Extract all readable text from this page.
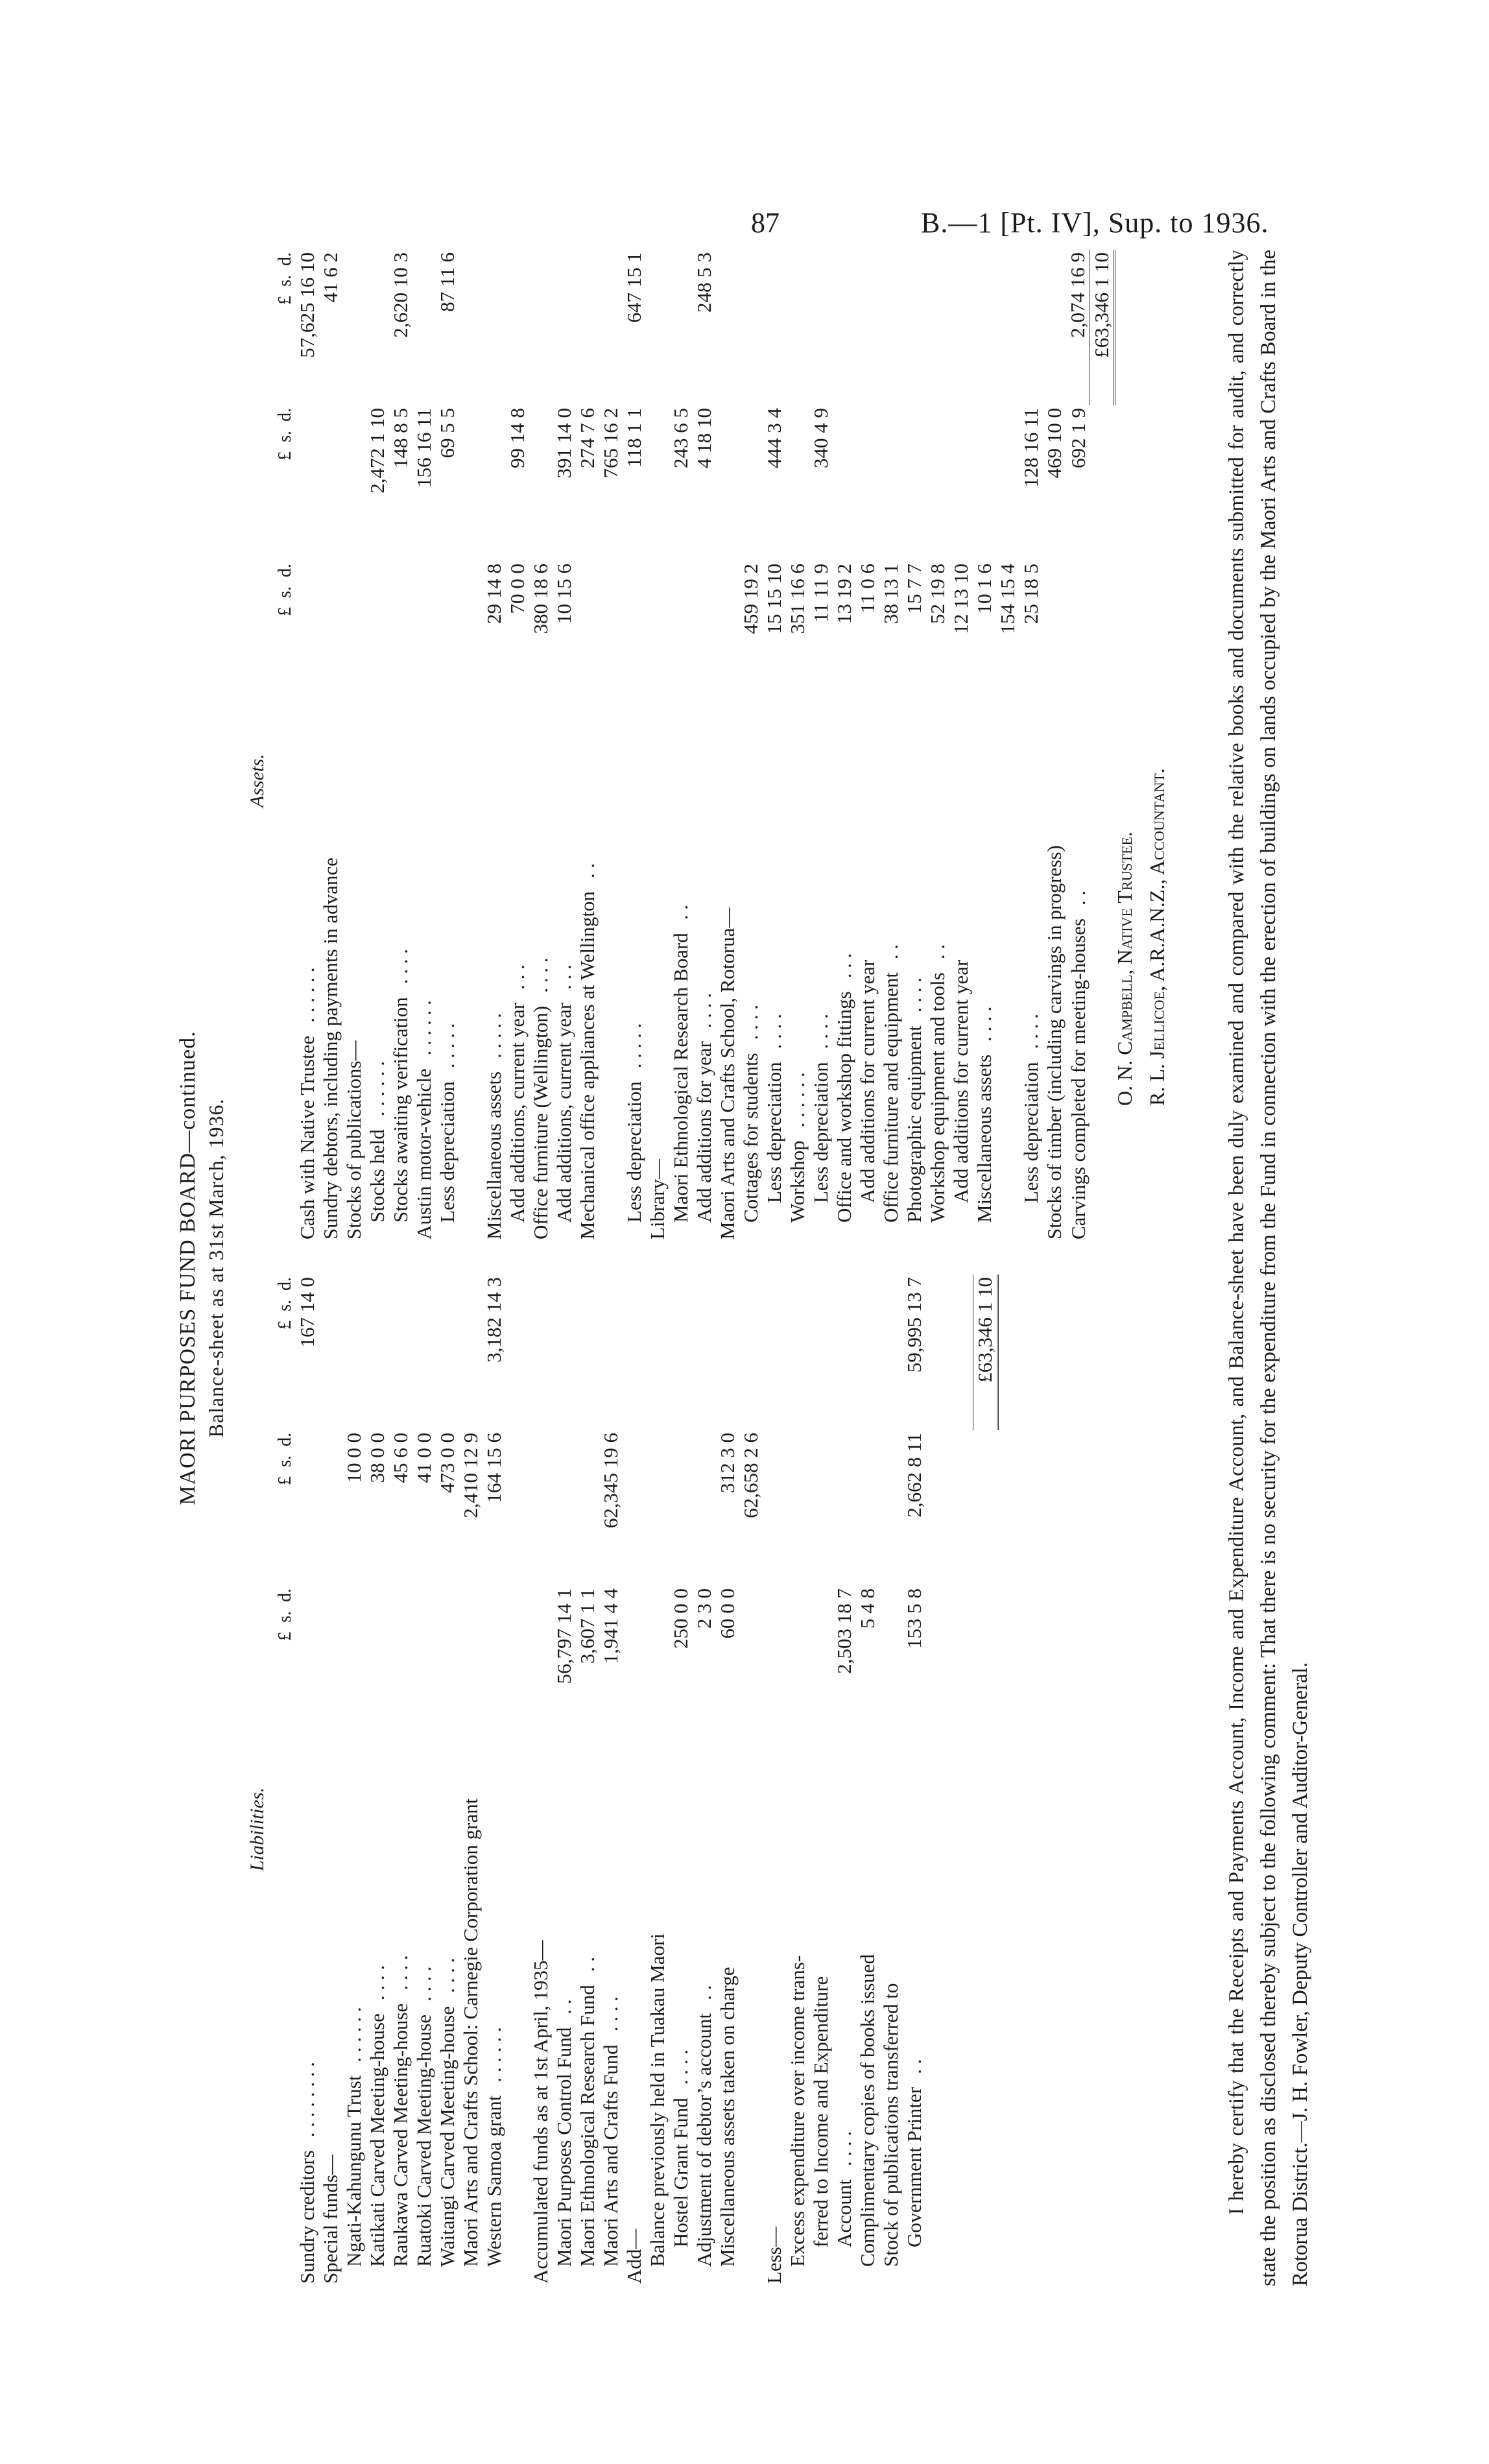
87	B.—1 [Pt. IV], Sup. to 1936.
MAORI PURPOSES FUND BOARD—continued. Balance-sheet as at 31st March, 1936.
Liabilities.
Assets.
	£s.d.	£s.d.	£s.d.
Sundry creditors. . . . . . . .			167 14 0
Special funds—			
Ngati-Kahungunu Trust. . . . . .		10 0 0	
Katikati Carved Meeting-house. . . .		38 0 0	
Raukawa Carved Meeting-house. . . .		45 6 0	
Ruatoki Carved Meeting-house. . . .		41 0 0	
Waitangi Carved Meeting-house. . . .		473 0 0	
Maori Arts and Crafts School: Carnegie Corporation grant		2,410 12 9	
Western Samoa grant. . . . . .		164 15 6	3,182 14 3

Accumulated funds as at 1st April, 1935—			
Maori Purposes Control Fund. .	56,797 14 1		
Maori Ethnological Research Fund. .	3,607 1 1		
Maori Arts and Crafts Fund. . . .	1,941 4 4	62,345 19 6	
Add—			
Balance previously held in Tuakau Maori			
Hostel Grant Fund. . . .	250 0 0		
Adjustment of debtor’s account. .	2 3 0		
Miscellaneous assets taken on charge	60 0 0	312 3 0	
		62,658 2 6	
Less—			
Excess expenditure over income trans-			
ferred to Income and Expenditure			
Account. . . .	2,503 18 7		
Complimentary copies of books issued	5 4 8		
Stock of publications transferred to			
Government Printer. .	153 5 8	2,662 8 11	59,995 13 7

			£63,346 1 10
	£s.d.	£s.d.	£s.d.
Cash with Native Trustee. . . . . .			57,625 16 10
Sundry debtors, including payments in advance			41 6 2
Stocks of publications—			
Stocks held. . . . . .		2,472 1 10	
Stocks awaiting verification. . . .		148 8 5	2,620 10 3
Austin motor-vehicle. . . . . .		156 16 11	
Less depreciation. . . . .		69 5 5	87 11 6

Miscellaneous assets. . . . .	29 14 8		
Add additions, current year. . .	70 0 0	99 14 8	
Office furniture (Wellington). . . .	380 18 6		
Add additions, current year. . .	10 15 6	391 14 0	
Mechanical office appliances at Wellington. .		274 7 6	
		765 16 2	
Less depreciation. . . . .		118 1 1	647 15 1
Library—			
Maori Ethnological Research Board. .		243 6 5	
Add additions for year. . . .		4 18 10	248 5 3
Maori Arts and Crafts School, Rotorua—			
Cottages for students. . . .	459 19 2		
Less depreciation. . . .	15 15 10	444 3 4	
Workshop. . . . . .	351 16 6		
Less depreciation. . . .	11 11 9	340 4 9	
Office and workshop fittings. . .	13 19 2		
Add additions for current year	11 0 6		
Office furniture and equipment. .	38 13 1		
Photographic equipment. . . .	15 7 7		
Workshop equipment and tools. .	52 19 8		
Add additions for current year	12 13 10		
Miscellaneous assets. . . .	10 1 6		
	154 15 4		
Less depreciation. . . .	25 18 5	128 16 11	
Stocks of timber (including carvings in progress)		469 10 0	
Carvings completed for meeting-houses. .		692 1 9	2,074 16 9
			£63,346 1 10
O. N. Campbell, Native Trustee. R. L. Jellicoe, A.R.A.N.Z., Accountant.	I hereby certify that the Receipts and Payments Account, Income and Expenditure Account, and Balance-sheet have been duly examined and compared with the relative books and documents submitted for audit, and correctly state the position as disclosed thereby subject to the following comment: That there is no security for the expenditure from the Fund in connection with the erection of buildings on lands occupied by the Maori Arts and Crafts Board in the Rotorua District.—J. H. Fowler, Deputy Controller and Auditor-General.
